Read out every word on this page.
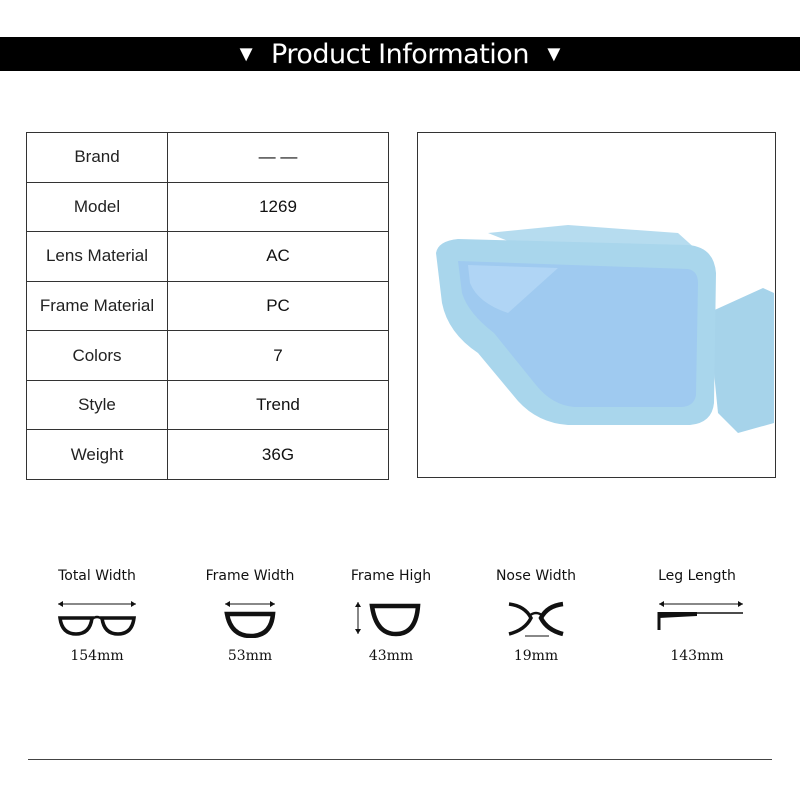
▼ Product Information ▼
Brand	— —
Model	1269
Lens Material	AC
Frame Material	PC
Colors	7
Style	Trend
Weight	36G
Total Width
154mm
Frame Width
53mm
Frame High
43mm
Nose Width
19mm
Leg Length
143mm
